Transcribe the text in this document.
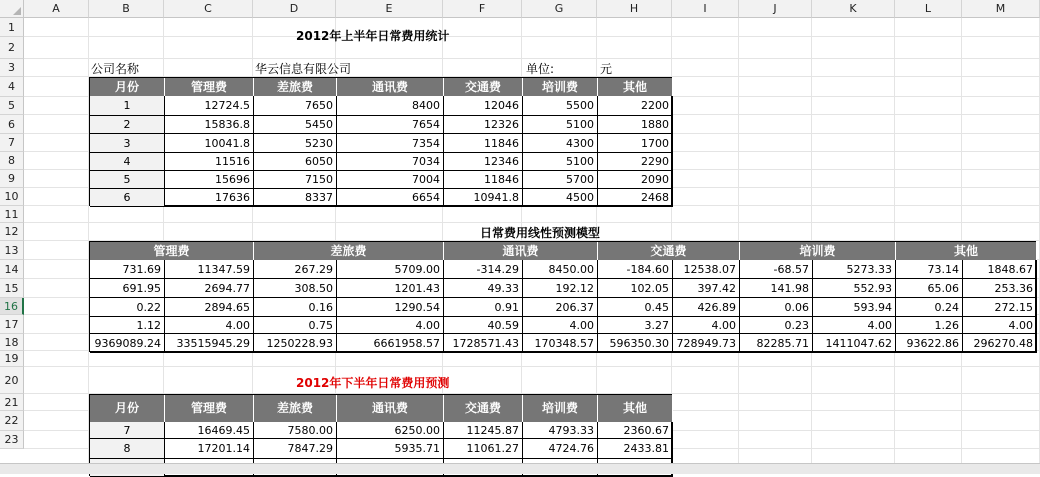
A	B	C	D	E	F	G	H	I	J	K	L	M
1
2
3
4
5
6
7
8
9
10
11
12
13
14
15
16
17
18
19
20
21
22
23
2012年上半年日常费用统计
公司名称	华云信息有限公司	单位:	元
月份	管理费	差旅费	通讯费	交通费	培训费	其他
1	12724.5	7650	8400	12046	5500	2200
2	15836.8	5450	7654	12326	5100	1880
3	10041.8	5230	7354	11846	4300	1700
4	11516	6050	7034	12346	5100	2290
5	15696	7150	7004	11846	5700	2090
6	17636	8337	6654	10941.8	4500	2468
日常费用线性预测模型
管理费	差旅费	通讯费	交通费	培训费	其他
731.69	11347.59	267.29	5709.00	-314.29	8450.00	-184.60	12538.07	-68.57	5273.33	73.14	1848.67
691.95	2694.77	308.50	1201.43	49.33	192.12	102.05	397.42	141.98	552.93	65.06	253.36
0.22	2894.65	0.16	1290.54	0.91	206.37	0.45	426.89	0.06	593.94	0.24	272.15
1.12	4.00	0.75	4.00	40.59	4.00	3.27	4.00	0.23	4.00	1.26	4.00
9369089.24	33515945.29	1250228.93	6661958.57	1728571.43	170348.57	596350.30 728949.73	82285.71	1411047.62	93622.86	296270.48
2012年下半年日常费用预测
月份	管理费	差旅费	通讯费	交通费	培训费	其他
7	16469.45	7580.00	6250.00	11245.87	4793.33	2360.67
8	17201.14	7847.29	5935.71	11061.27	4724.76	2433.81
